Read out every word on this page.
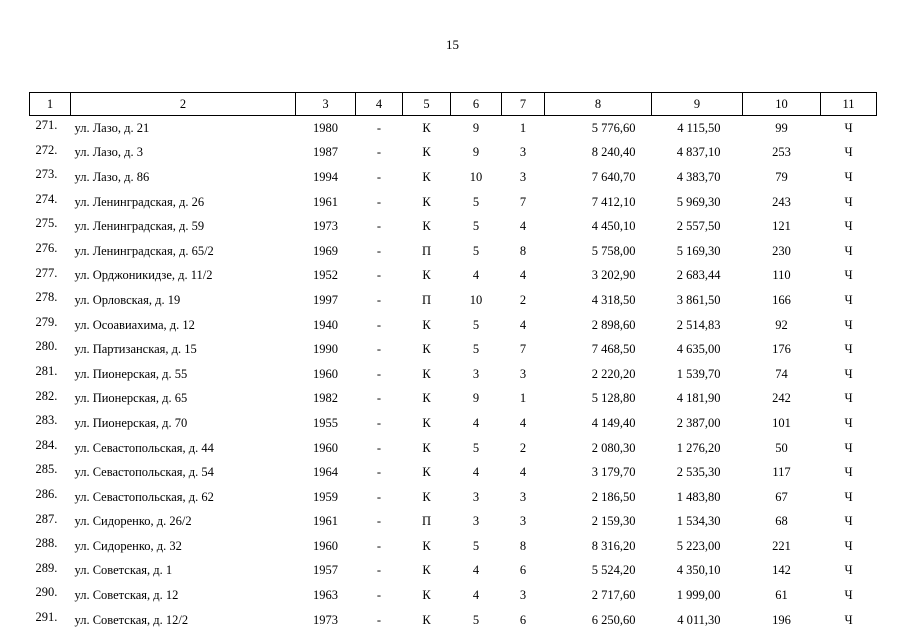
15
1	2	3	4	5	6	7	8	9	10	11
271.	ул. Лазо, д. 21	1980	-	К	9	1	5 776,60	4 115,50	99	Ч
272.	ул. Лазо, д. 3	1987	-	К	9	3	8 240,40	4 837,10	253	Ч
273.	ул. Лазо, д. 86	1994	-	К	10	3	7 640,70	4 383,70	79	Ч
274.	ул. Ленинградская, д. 26	1961	-	К	5	7	7 412,10	5 969,30	243	Ч
275.	ул. Ленинградская, д. 59	1973	-	К	5	4	4 450,10	2 557,50	121	Ч
276.	ул. Ленинградская, д. 65/2	1969	-	П	5	8	5 758,00	5 169,30	230	Ч
277.	ул. Орджоникидзе, д. 11/2	1952	-	К	4	4	3 202,90	2 683,44	110	Ч
278.	ул. Орловская, д. 19	1997	-	П	10	2	4 318,50	3 861,50	166	Ч
279.	ул. Осоавиахима, д. 12	1940	-	К	5	4	2 898,60	2 514,83	92	Ч
280.	ул. Партизанская, д. 15	1990	-	К	5	7	7 468,50	4 635,00	176	Ч
281.	ул. Пионерская, д. 55	1960	-	К	3	3	2 220,20	1 539,70	74	Ч
282.	ул. Пионерская, д. 65	1982	-	К	9	1	5 128,80	4 181,90	242	Ч
283.	ул. Пионерская, д. 70	1955	-	К	4	4	4 149,40	2 387,00	101	Ч
284.	ул. Севастопольская, д. 44	1960	-	К	5	2	2 080,30	1 276,20	50	Ч
285.	ул. Севастопольская, д. 54	1964	-	К	4	4	3 179,70	2 535,30	117	Ч
286.	ул. Севастопольская, д. 62	1959	-	К	3	3	2 186,50	1 483,80	67	Ч
287.	ул. Сидоренко, д. 26/2	1961	-	П	3	3	2 159,30	1 534,30	68	Ч
288.	ул. Сидоренко, д. 32	1960	-	К	5	8	8 316,20	5 223,00	221	Ч
289.	ул. Советская, д. 1	1957	-	К	4	6	5 524,20	4 350,10	142	Ч
290.	ул. Советская, д. 12	1963	-	К	4	3	2 717,60	1 999,00	61	Ч
291.	ул. Советская, д. 12/2	1973	-	К	5	6	6 250,60	4 011,30	196	Ч
